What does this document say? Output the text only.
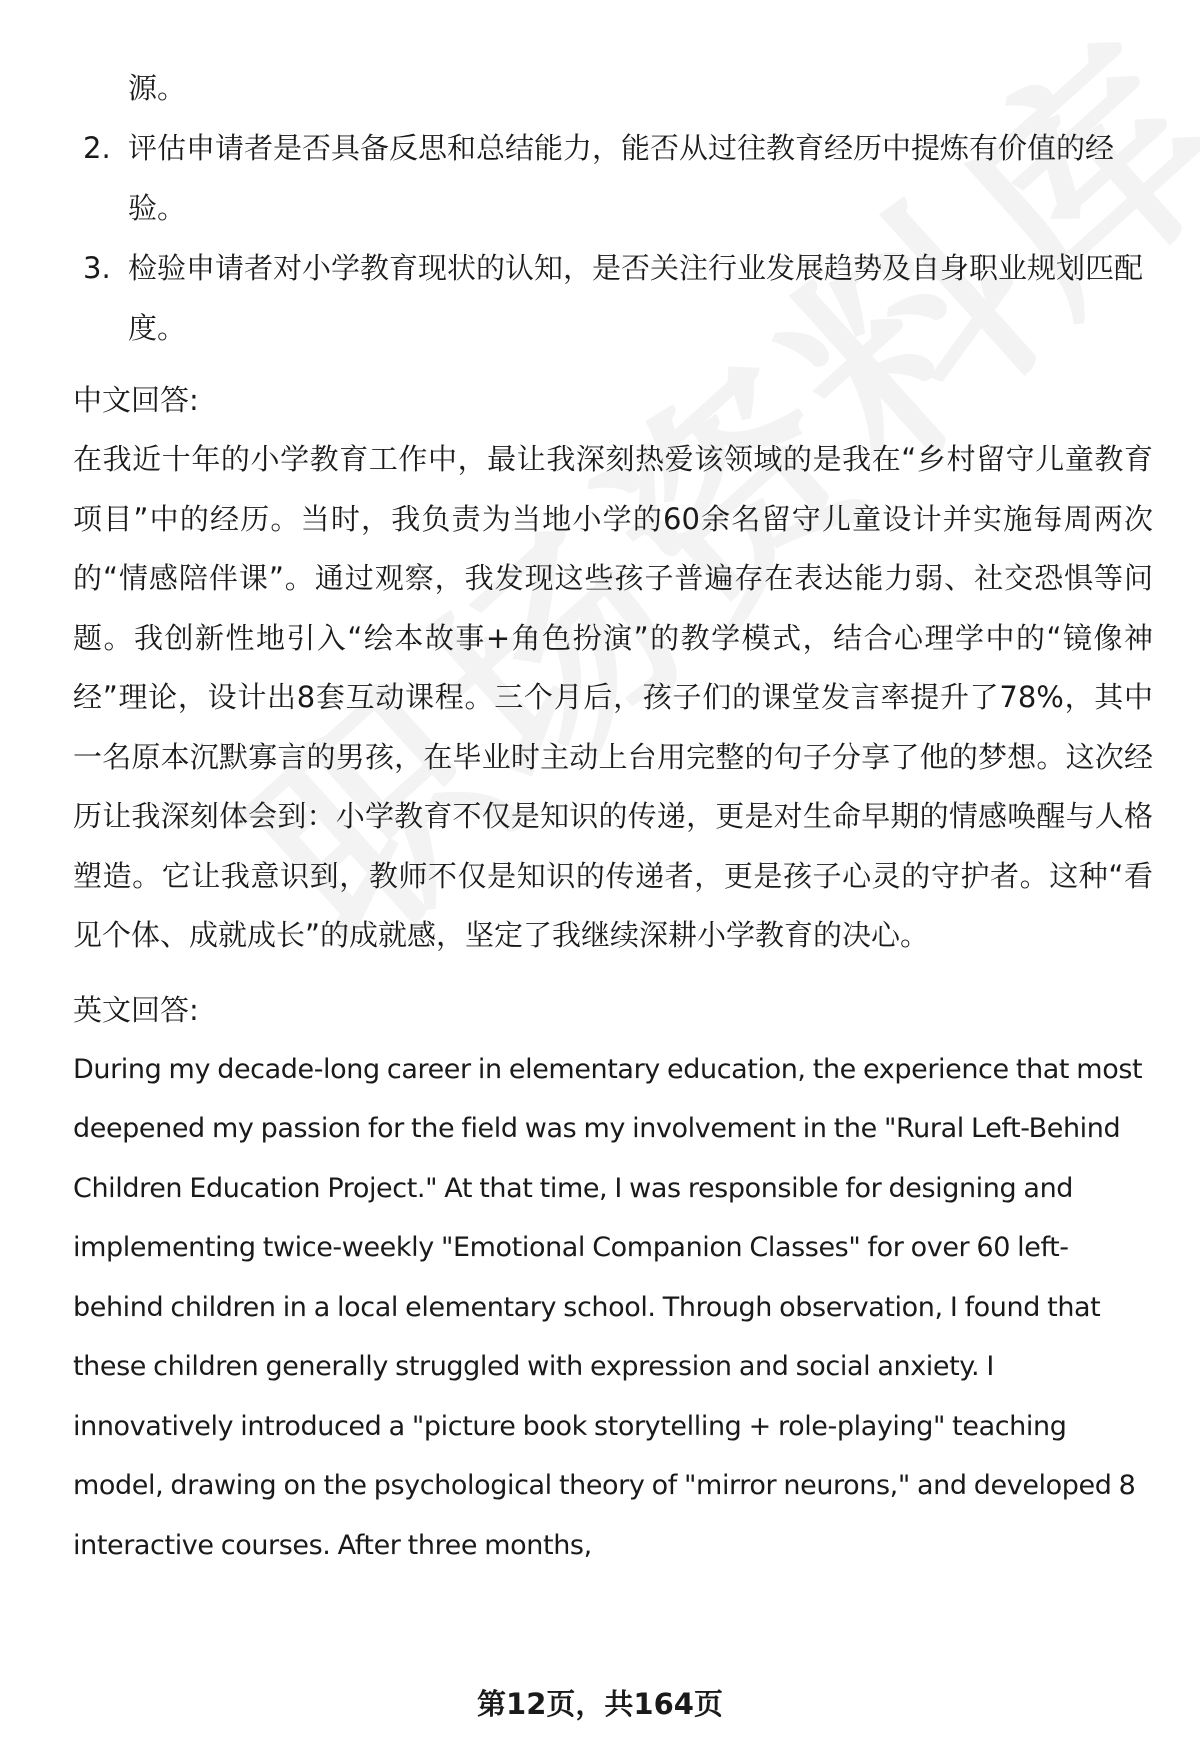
源。
2. 评估申请者是否具备反思和总结能力，能否从过往教育经历中提炼有价值的经验。
3. 检验申请者对小学教育现状的认知，是否关注行业发展趋势及自身职业规划匹配度。
中文回答:
在我近十年的小学教育工作中，最让我深刻热爱该领域的是我在“乡村留守儿童教育项目”中的经历。当时，我负责为当地小学的60余名留守儿童设计并实施每周两次的“情感陪伴课”。通过观察，我发现这些孩子普遍存在表达能力弱、社交恐惧等问题。我创新性地引入“绘本故事+角色扮演”的教学模式，结合心理学中的“镜像神经”理论，设计出8套互动课程。三个月后，孩子们的课堂发言率提升了78%，其中一名原本沉默寡言的男孩，在毕业时主动上台用完整的句子分享了他的梦想。这次经历让我深刻体会到：小学教育不仅是知识的传递，更是对生命早期的情感唤醒与人格塑造。它让我意识到，教师不仅是知识的传递者，更是孩子心灵的守护者。这种“看见个体、成就成长”的成就感，坚定了我继续深耕小学教育的决心。
英文回答:
During my decade-long career in elementary education, the experience that most deepened my passion for the field was my involvement in the "Rural Left-Behind Children Education Project." At that time, I was responsible for designing and implementing twice-weekly "Emotional Companion Classes" for over 60 left-behind children in a local elementary school. Through observation, I found that these children generally struggled with expression and social anxiety. I innovatively introduced a "picture book storytelling + role-playing" teaching model, drawing on the psychological theory of "mirror neurons," and developed 8 interactive courses. After three months,
第12页，共164页
